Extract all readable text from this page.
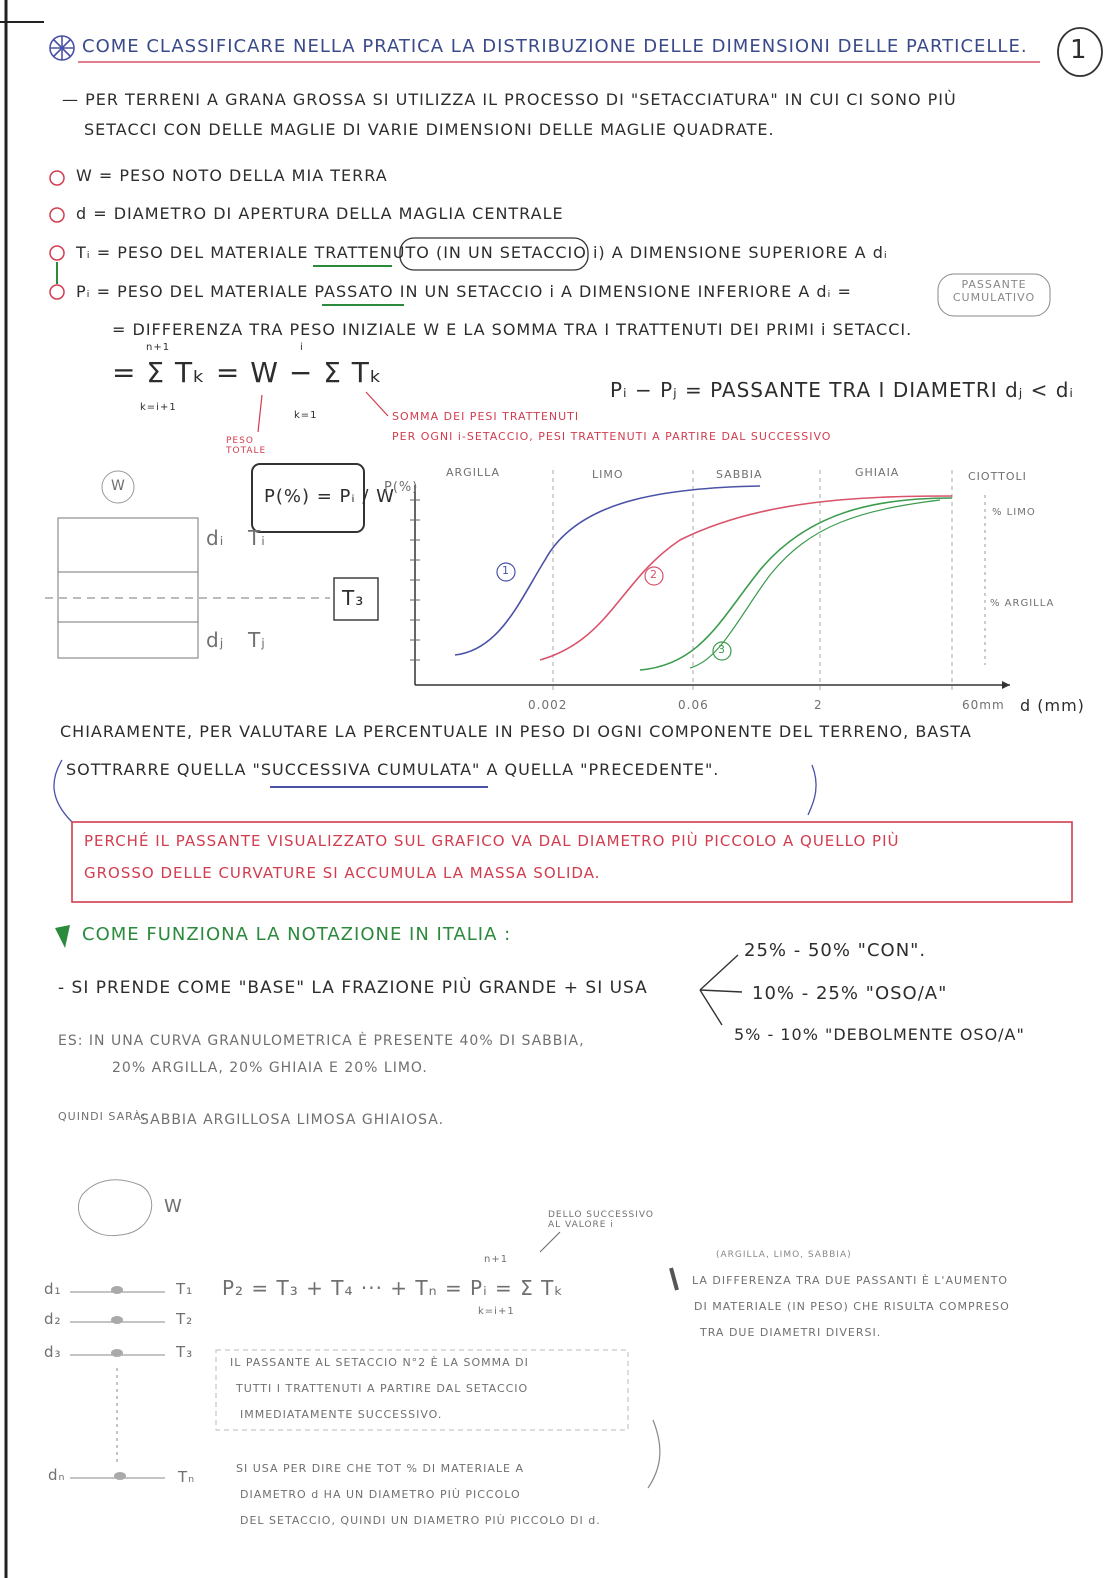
COME CLASSIFICARE NELLA PRATICA LA DISTRIBUZIONE DELLE DIMENSIONI DELLE PARTICELLE. 1
— PER TERRENI A GRANA GROSSA SI UTILIZZA IL PROCESSO DI "SETACCIATURA" IN CUI CI SONO PIÙ
SETACCI CON DELLE MAGLIE DI VARIE DIMENSIONI DELLE MAGLIE QUADRATE.
W = PESO NOTO DELLA MIA TERRA
d = DIAMETRO DI APERTURA DELLA MAGLIA CENTRALE
Tᵢ = PESO DEL MATERIALE TRATTENUTO (IN UN SETACCIO i) A DIMENSIONE SUPERIORE A dᵢ
Pᵢ = PESO DEL MATERIALE PASSATO IN UN SETACCIO i A DIMENSIONE INFERIORE A dᵢ =	PASSANTE CUMULATIVO
= DIFFERENZA TRA PESO INIZIALE W E LA SOMMA TRA I TRATTENUTI DEI PRIMI i SETACCI.
= Σ Tₖ = W − Σ Tₖ
n+1
k=i+1
i
k=1
Pᵢ − Pⱼ = PASSANTE TRA I DIAMETRI dⱼ < dᵢ
SOMMA DEI PESI TRATTENUTI
PER OGNI i-SETACCIO, PESI TRATTENUTI A PARTIRE DAL SUCCESSIVO
PESO TOTALE
P(%) = Pᵢ / W
W
dᵢ Tᵢ
dⱼ Tⱼ
T₃
P(%)
ARGILLA	LIMO	SABBIA	GHIAIA	CIOTTOLI
% LIMO
% ARGILLA
1	2
3
0.002	0.06	2	60mm d (mm)
CHIARAMENTE, PER VALUTARE LA PERCENTUALE IN PESO DI OGNI COMPONENTE DEL TERRENO, BASTA
SOTTRARRE QUELLA "SUCCESSIVA CUMULATA" A QUELLA "PRECEDENTE".
PERCHÉ IL PASSANTE VISUALIZZATO SUL GRAFICO VA DAL DIAMETRO PIÙ PICCOLO A QUELLO PIÙ
GROSSO DELLE CURVATURE SI ACCUMULA LA MASSA SOLIDA.
COME FUNZIONA LA NOTAZIONE IN ITALIA :
- SI PRENDE COME "BASE" LA FRAZIONE PIÙ GRANDE + SI USA
25% - 50% "CON".
10% - 25% "OSO/A"
5% - 10% "DEBOLMENTE OSO/A"
ES: IN UNA CURVA GRANULOMETRICA È PRESENTE 40% DI SABBIA,
20% ARGILLA, 20% GHIAIA E 20% LIMO.
QUINDI SARÀ:
SABBIA ARGILLOSA LIMOSA GHIAIOSA.
W
d₁
d₂
d₃
dₙ
T₁
T₂
T₃
Tₙ
P₂ = T₃ + T₄ ··· + Tₙ = Pᵢ = Σ Tₖ
n+1
k=i+1
DELLO SUCCESSIVO AL VALORE i
IL PASSANTE AL SETACCIO N°2 È LA SOMMA DI
TUTTI I TRATTENUTI A PARTIRE DAL SETACCIO
IMMEDIATAMENTE SUCCESSIVO.
SI USA PER DIRE CHE TOT % DI MATERIALE A
DIAMETRO d HA UN DIAMETRO PIÙ PICCOLO
DEL SETACCIO, QUINDI UN DIAMETRO PIÙ PICCOLO DI d.
(ARGILLA, LIMO, SABBIA)
LA DIFFERENZA TRA DUE PASSANTI È L'AUMENTO
DI MATERIALE (IN PESO) CHE RISULTA COMPRESO
TRA DUE DIAMETRI DIVERSI.
